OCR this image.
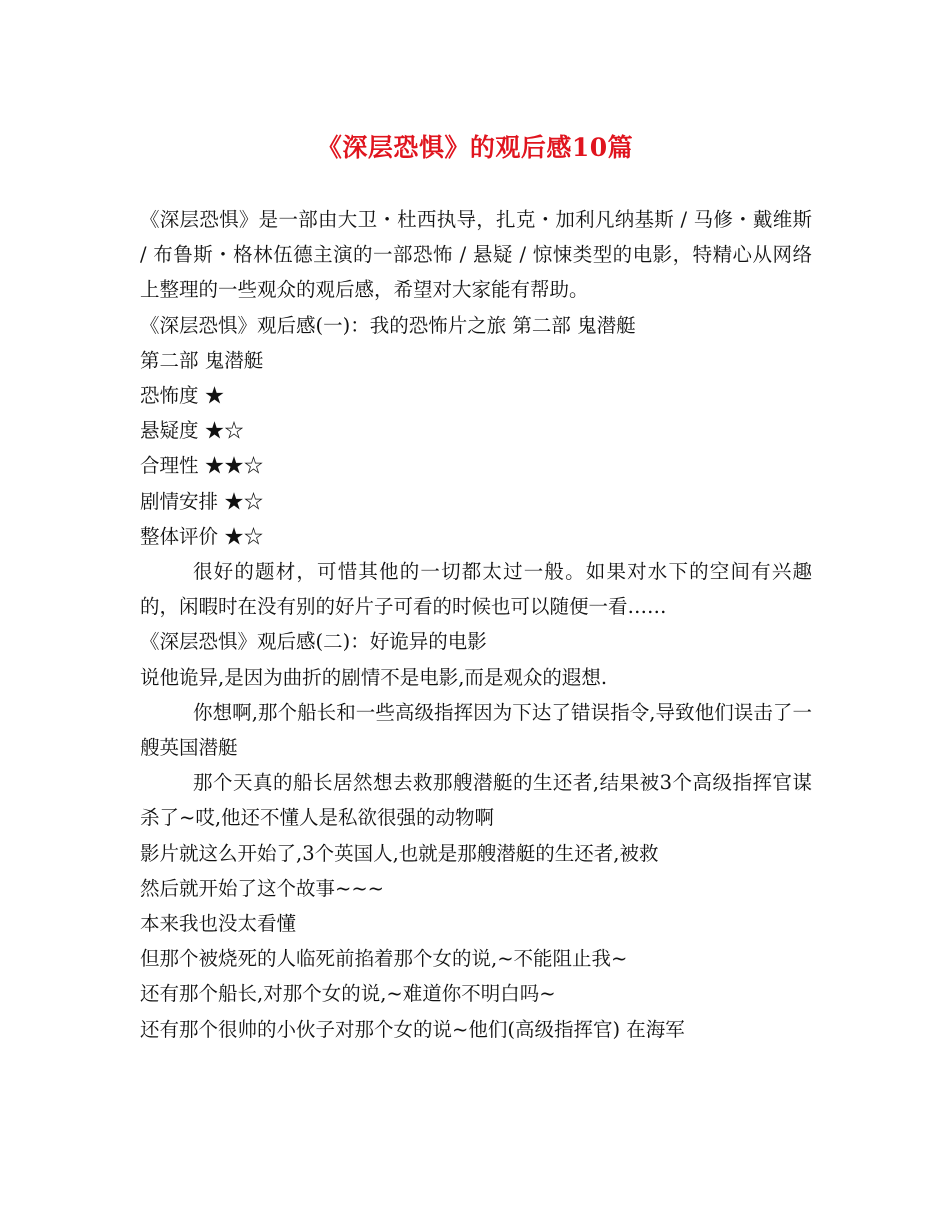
《深层恐惧》的观后感10篇

《深层恐惧》是一部由大卫・杜西执导，扎克・加利凡纳基斯 / 马修・戴维斯 / 布鲁斯・格林伍德主演的一部恐怖 / 悬疑 / 惊悚类型的电影，特精心从网络上整理的一些观众的观后感，希望对大家能有帮助。

《深层恐惧》观后感(一)：我的恐怖片之旅 第二部 鬼潜艇

第二部 鬼潜艇

恐怖度 ★

悬疑度 ★☆

合理性 ★★☆

剧情安排 ★☆

整体评价 ★☆

很好的题材，可惜其他的一切都太过一般。如果对水下的空间有兴趣的，闲暇时在没有别的好片子可看的时候也可以随便一看……

《深层恐惧》观后感(二)：好诡异的电影

说他诡异,是因为曲折的剧情不是电影,而是观众的遐想.

你想啊,那个船长和一些高级指挥因为下达了错误指令,导致他们误击了一艘英国潜艇

那个天真的船长居然想去救那艘潜艇的生还者,结果被3个高级指挥官谋杀了~哎,他还不懂人是私欲很强的动物啊

影片就这么开始了,3个英国人,也就是那艘潜艇的生还者,被救

然后就开始了这个故事~~~

本来我也没太看懂

但那个被烧死的人临死前掐着那个女的说,~不能阻止我~

还有那个船长,对那个女的说,~难道你不明白吗~

还有那个很帅的小伙子对那个女的说~他们(高级指挥官) 在海军
